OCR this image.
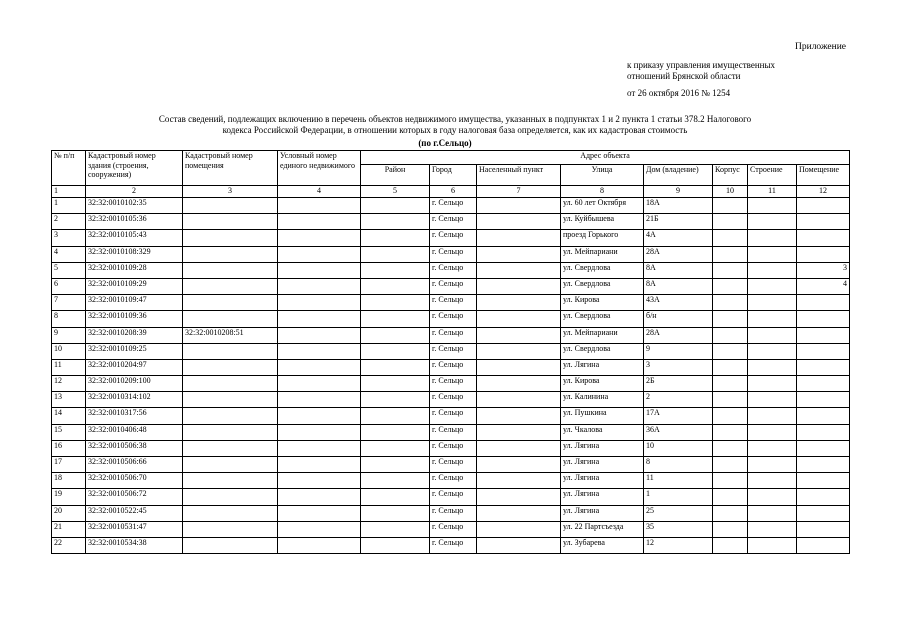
Приложение
к приказу управления имущественных
отношений Брянской области
от 26 октября 2016 № 1254
Состав сведений, подлежащих включению в перечень объектов недвижимого имущества, указанных в подпунктах 1 и 2 пункта 1 статьи 378.2 Налогового
кодекса Российской Федерации, в отношении которых в году налоговая база определяется, как их кадастровая стоимость
(по г.Сельцо)
№ п/п	Кадастровый номер здания (строения, сооружения)	Кадастровый номер помещения	Условный номер единого недвижимого	Адрес объекта							
				Район	Город	Населенный пункт	Улица	Дом (владение)	Корпус	Строение	Помещение
1	2	3	4	5	6	7	8	9	10	11	12
1	32:32:0010102:35				г. Сельцо		ул. 60 лет Октября	18А			
2	32:32:0010105:36				г. Сельцо		ул. Куйбышева	21Б			
3	32:32:0010105:43				г. Сельцо		проезд Горького	4А			
4	32:32:0010108:329				г. Сельцо		ул. Мейпариани	28А			
5	32:32:0010109:28				г. Сельцо		ул. Свердлова	8А			3
6	32:32:0010109:29				г. Сельцо		ул. Свердлова	8А			4
7	32:32:0010109:47				г. Сельцо		ул. Кирова	43А			
8	32:32:0010109:36				г. Сельцо		ул. Свердлова	б/н			
9	32:32:0010208:39	32:32:0010208:51			г. Сельцо		ул. Мейпариани	28А			
10	32:32:0010109:25				г. Сельцо		ул. Свердлова	9			
11	32:32:0010204:97				г. Сельцо		ул. Лягина	3			
12	32:32:0010209:100				г. Сельцо		ул. Кирова	2Б			
13	32:32:0010314:102				г. Сельцо		ул. Калинина	2			
14	32:32:0010317:56				г. Сельцо		ул. Пушкина	17А			
15	32:32:0010406:48				г. Сельцо		ул. Чкалова	36А			
16	32:32:0010506:38				г. Сельцо		ул. Лягина	10			
17	32:32:0010506:66				г. Сельцо		ул. Лягина	8			
18	32:32:0010506:70				г. Сельцо		ул. Лягина	11			
19	32:32:0010506:72				г. Сельцо		ул. Лягина	1			
20	32:32:0010522:45				г. Сельцо		ул. Лягина	25			
21	32:32:0010531:47				г. Сельцо		ул. 22 Партсъезда	35			
22	32:32:0010534:38				г. Сельцо		ул. Зубарева	12			
